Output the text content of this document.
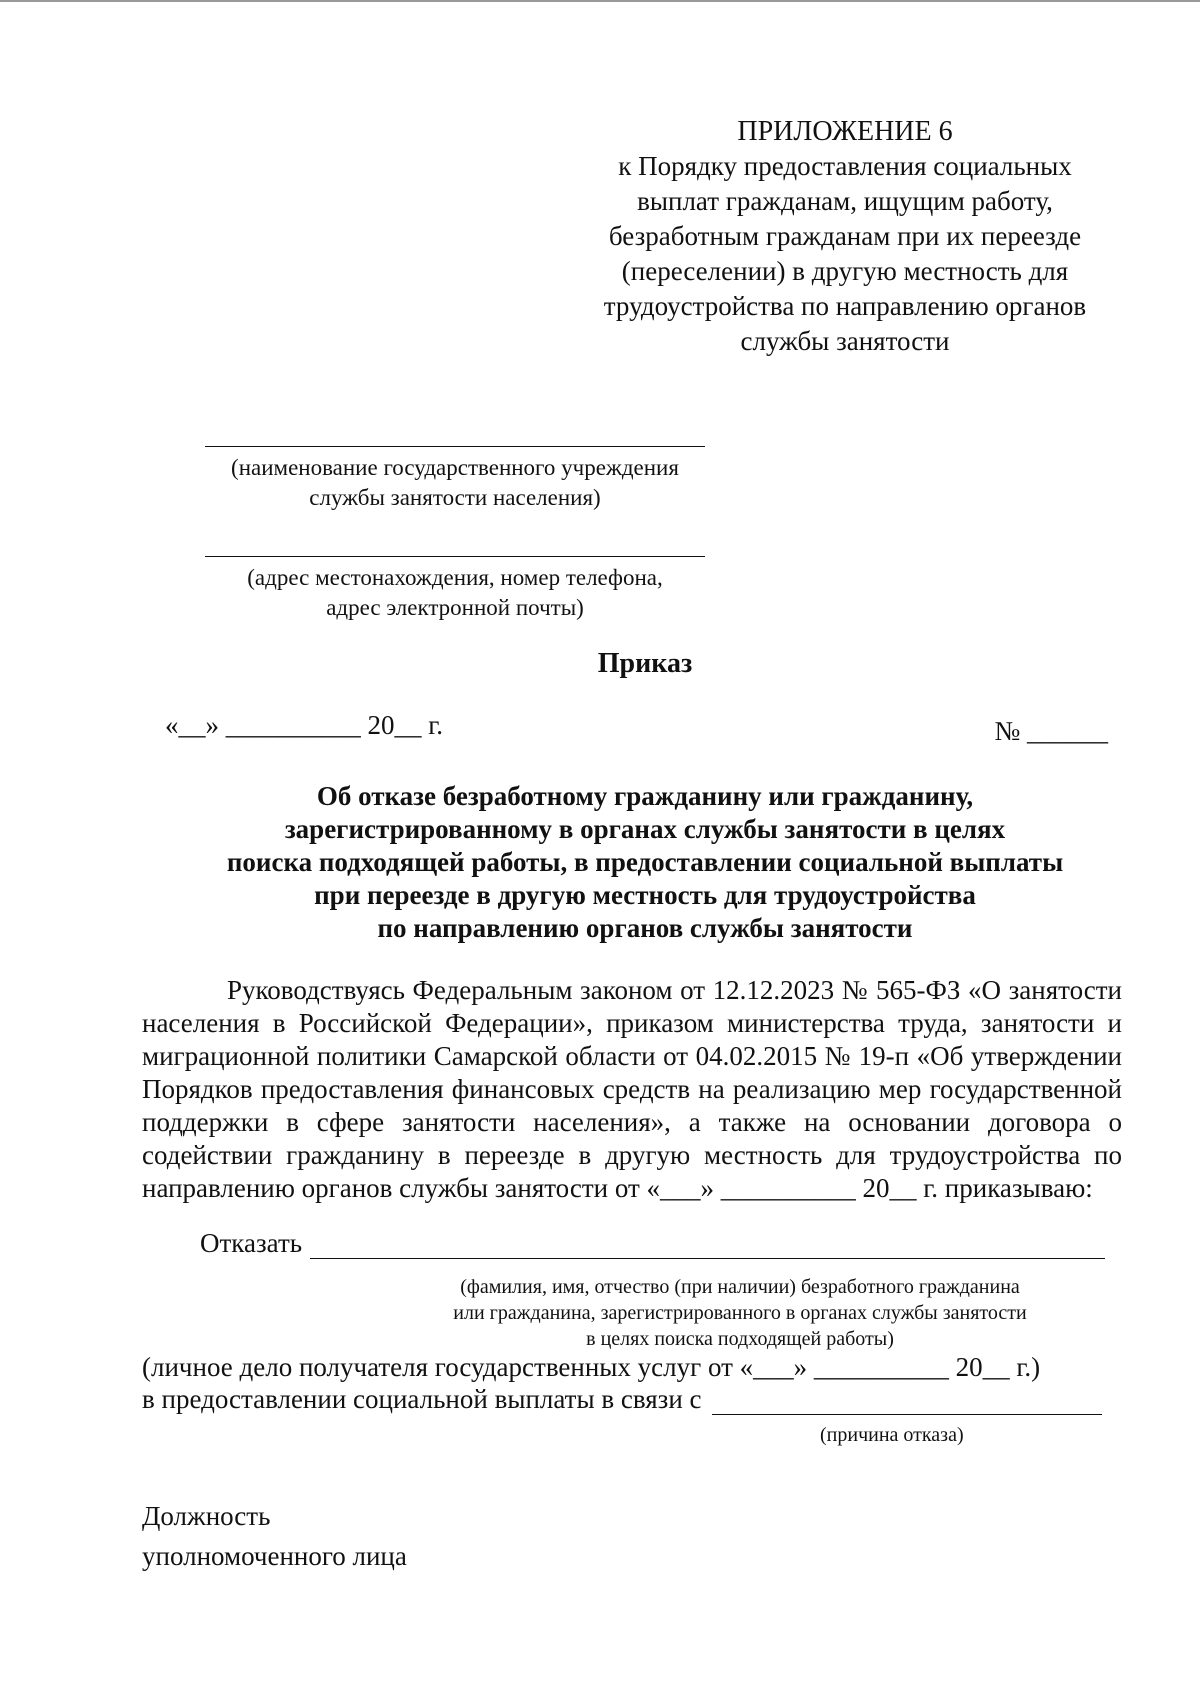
ПРИЛОЖЕНИЕ 6
к Порядку предоставления социальных
выплат гражданам, ищущим работу,
безработным гражданам при их переезде
(переселении) в другую местность для
трудоустройства по направлению органов
службы занятости
(наименование государственного учреждения
службы занятости населения)
(адрес местонахождения, номер телефона,
адрес электронной почты)
Приказ
«__» __________ 20__ г.	№ ______
Об отказе безработному гражданину или гражданину,
зарегистрированному в органах службы занятости в целях
поиска подходящей работы, в предоставлении социальной выплаты
при переезде в другую местность для трудоустройства
по направлению органов службы занятости
Руководствуясь Федеральным законом от 12.12.2023 № 565-ФЗ «О занятости населения в Российской Федерации», приказом министерства труда, занятости и миграционной политики Самарской области от 04.02.2015 № 19-п «Об утверждении Порядков предоставления финансовых средств на реализацию мер государственной поддержки в сфере занятости населения», а также на основании договора о содействии гражданину в переезде в другую местность для трудоустройства по направлению органов службы занятости от «___» __________ 20__ г. приказываю:
Отказать
(фамилия, имя, отчество (при наличии) безработного гражданина
или гражданина, зарегистрированного в органах службы занятости
в целях поиска подходящей работы)
(личное дело получателя государственных услуг от «___» __________ 20__ г.)
в предоставлении социальной выплаты в связи с
(причина отказа)
Должность
уполномоченного лица
